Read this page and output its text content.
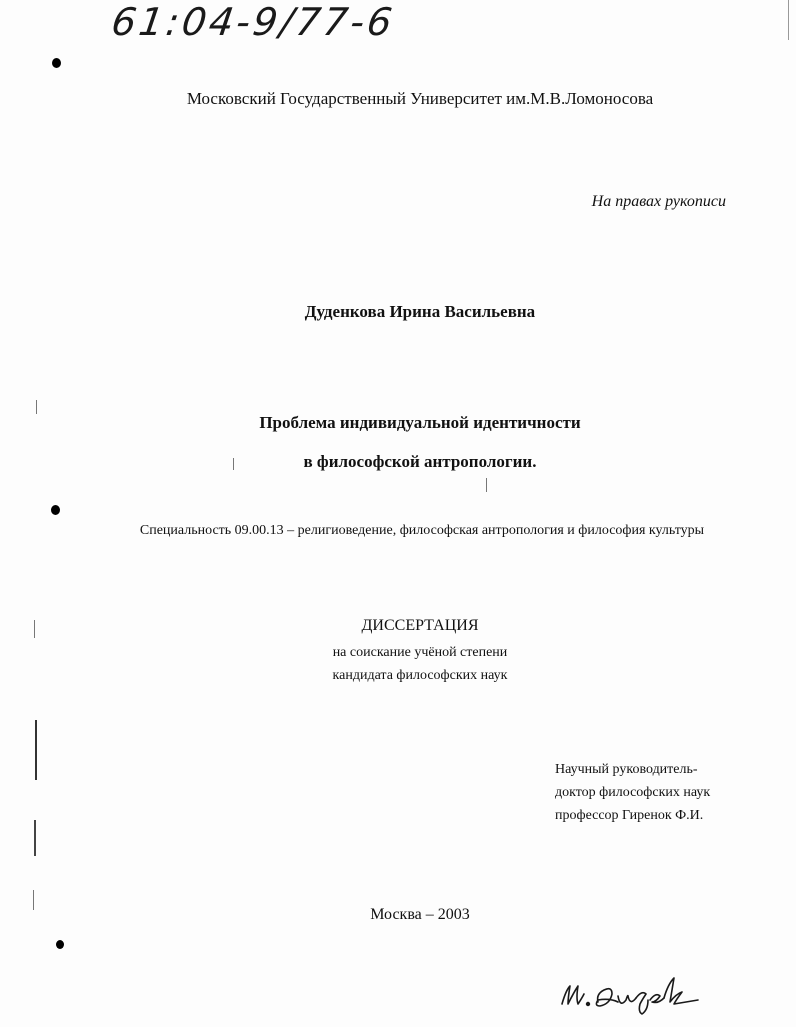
61:04-9/77-6
Московский Государственный Университет им.М.В.Ломоносова
На правах рукописи
Дуденкова Ирина Васильевна
Проблема индивидуальной идентичности
в философской антропологии.
Специальность 09.00.13 – религиоведение, философская антропология и философия культуры
ДИССЕРТАЦИЯ
на соискание учёной степени
кандидата философских наук
Научный руководитель-
доктор философских наук
профессор Гиренок Ф.И.
Москва – 2003
